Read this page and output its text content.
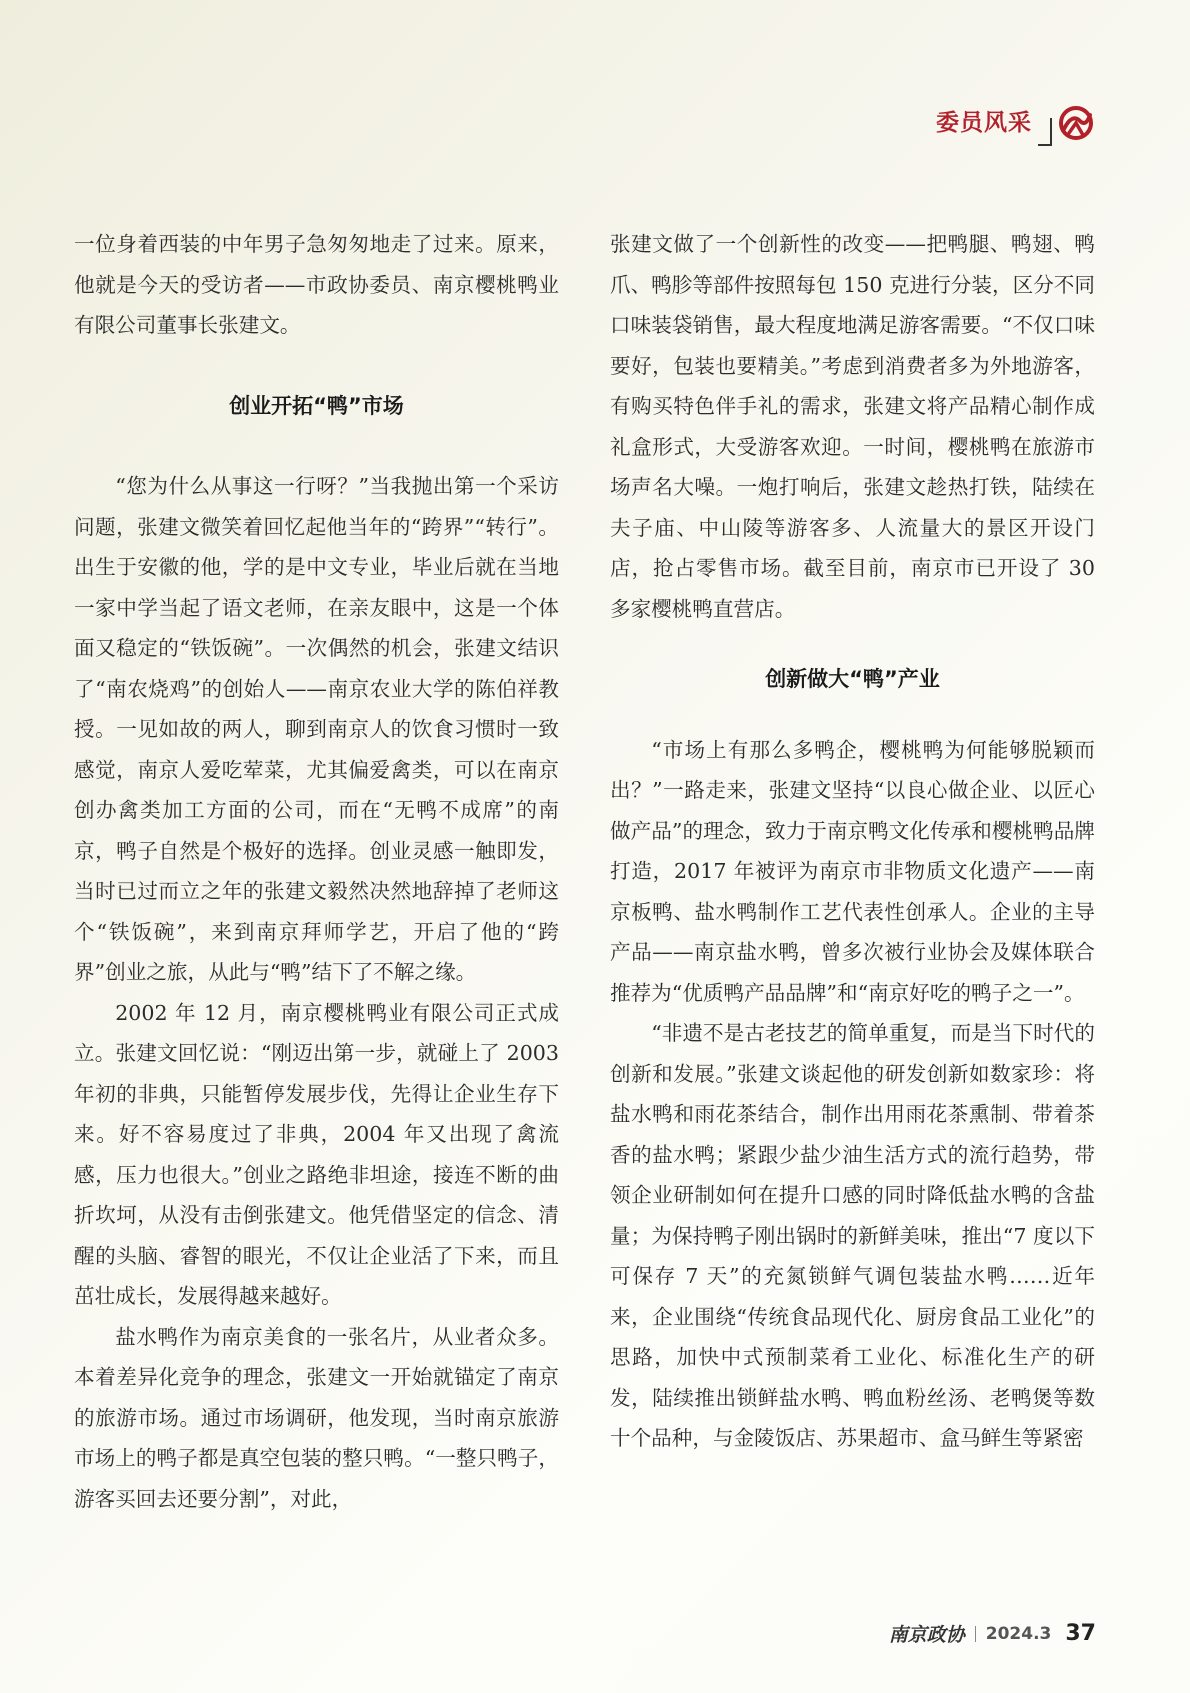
委员风采

一位身着西装的中年男子急匆匆地走了过来。原来，他就是今天的受访者——市政协委员、南京樱桃鸭业有限公司董事长张建文。

创业开拓“鸭”市场

“您为什么从事这一行呀？”当我抛出第一个采访问题，张建文微笑着回忆起他当年的“跨界”“转行”。出生于安徽的他，学的是中文专业，毕业后就在当地一家中学当起了语文老师，在亲友眼中，这是一个体面又稳定的“铁饭碗”。一次偶然的机会，张建文结识了“南农烧鸡”的创始人——南京农业大学的陈伯祥教授。一见如故的两人，聊到南京人的饮食习惯时一致感觉，南京人爱吃荤菜，尤其偏爱禽类，可以在南京创办禽类加工方面的公司，而在“无鸭不成席”的南京，鸭子自然是个极好的选择。创业灵感一触即发，当时已过而立之年的张建文毅然决然地辞掉了老师这个“铁饭碗”，来到南京拜师学艺，开启了他的“跨界”创业之旅，从此与“鸭”结下了不解之缘。

2002 年 12 月，南京樱桃鸭业有限公司正式成立。张建文回忆说：“刚迈出第一步，就碰上了 2003 年初的非典，只能暂停发展步伐，先得让企业生存下来。好不容易度过了非典，2004 年又出现了禽流感，压力也很大。”创业之路绝非坦途，接连不断的曲折坎坷，从没有击倒张建文。他凭借坚定的信念、清醒的头脑、睿智的眼光，不仅让企业活了下来，而且茁壮成长，发展得越来越好。

盐水鸭作为南京美食的一张名片，从业者众多。本着差异化竞争的理念，张建文一开始就锚定了南京的旅游市场。通过市场调研，他发现，当时南京旅游市场上的鸭子都是真空包装的整只鸭。“一整只鸭子，游客买回去还要分割”，对此，

张建文做了一个创新性的改变——把鸭腿、鸭翅、鸭爪、鸭胗等部件按照每包 150 克进行分装，区分不同口味装袋销售，最大程度地满足游客需要。“不仅口味要好，包装也要精美。”考虑到消费者多为外地游客，有购买特色伴手礼的需求，张建文将产品精心制作成礼盒形式，大受游客欢迎。一时间，樱桃鸭在旅游市场声名大噪。一炮打响后，张建文趁热打铁，陆续在夫子庙、中山陵等游客多、人流量大的景区开设门店，抢占零售市场。截至目前，南京市已开设了 30 多家樱桃鸭直营店。

创新做大“鸭”产业

“市场上有那么多鸭企，樱桃鸭为何能够脱颖而出？”一路走来，张建文坚持“以良心做企业、以匠心做产品”的理念，致力于南京鸭文化传承和樱桃鸭品牌打造，2017 年被评为南京市非物质文化遗产——南京板鸭、盐水鸭制作工艺代表性创承人。企业的主导产品——南京盐水鸭，曾多次被行业协会及媒体联合推荐为“优质鸭产品品牌”和“南京好吃的鸭子之一”。

“非遗不是古老技艺的简单重复，而是当下时代的创新和发展。”张建文谈起他的研发创新如数家珍：将盐水鸭和雨花茶结合，制作出用雨花茶熏制、带着茶香的盐水鸭；紧跟少盐少油生活方式的流行趋势，带领企业研制如何在提升口感的同时降低盐水鸭的含盐量；为保持鸭子刚出锅时的新鲜美味，推出“7 度以下可保存 7 天”的充氮锁鲜气调包装盐水鸭……近年来，企业围绕“传统食品现代化、厨房食品工业化”的思路，加快中式预制菜肴工业化、标准化生产的研发，陆续推出锁鲜盐水鸭、鸭血粉丝汤、老鸭煲等数十个品种，与金陵饭店、苏果超市、盒马鲜生等紧密

南京政协 2024.3 37
